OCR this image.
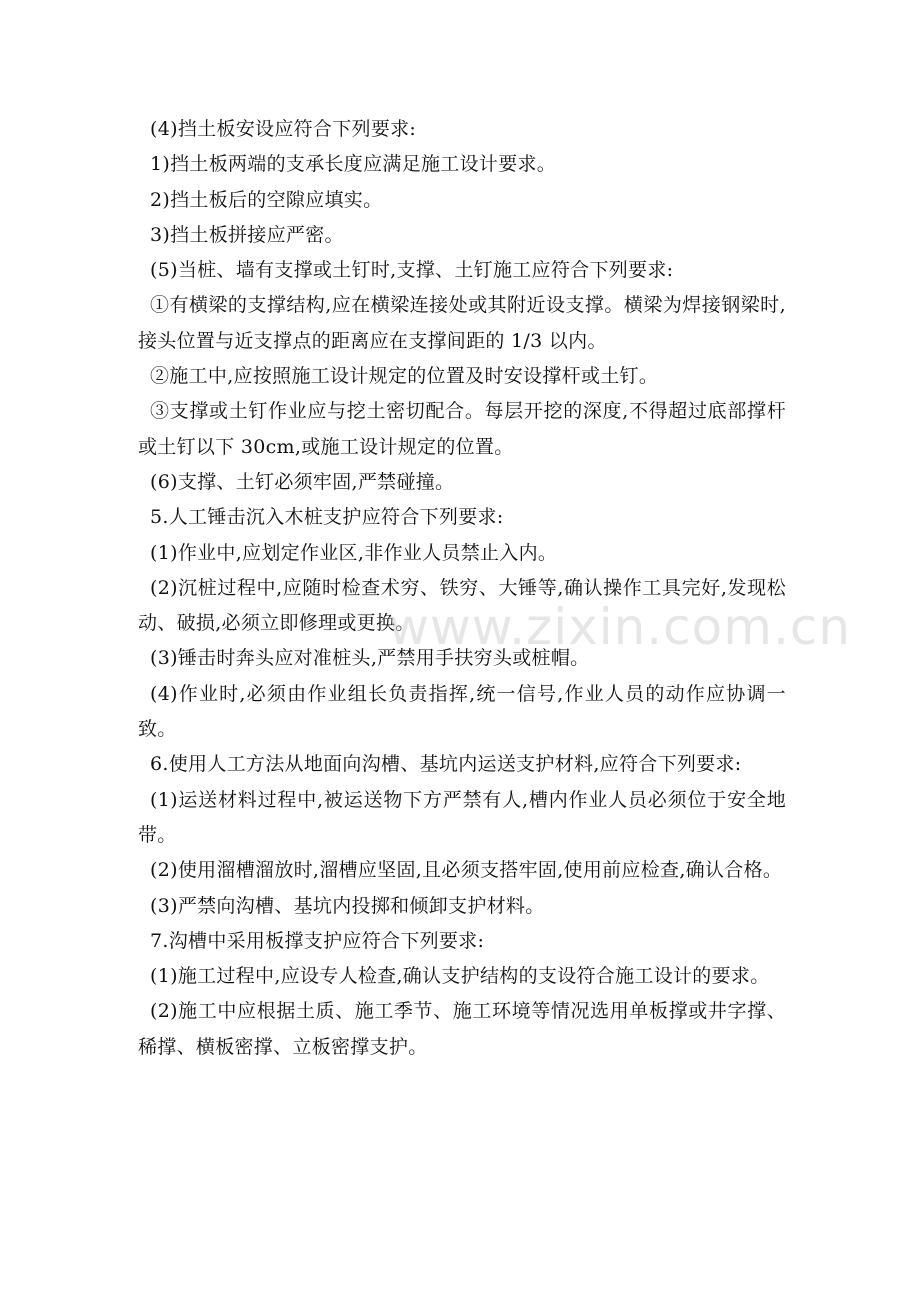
(4)挡土板安设应符合下列要求:

1)挡土板两端的支承长度应满足施工设计要求。

2)挡土板后的空隙应填实。

3)挡土板拼接应严密。

(5)当桩、墙有支撑或土钉时,支撑、土钉施工应符合下列要求:

①有横梁的支撑结构,应在横梁连接处或其附近设支撑。横梁为焊接钢梁时,接头位置与近支撑点的距离应在支撑间距的 1/3 以内。

②施工中,应按照施工设计规定的位置及时安设撑杆或土钉。

③支撑或土钉作业应与挖土密切配合。每层开挖的深度,不得超过底部撑杆或土钉以下 30cm,或施工设计规定的位置。

(6)支撑、土钉必须牢固,严禁碰撞。

5.人工锤击沉入木桩支护应符合下列要求:

(1)作业中,应划定作业区,非作业人员禁止入内。

(2)沉桩过程中,应随时检查术穷、铁穷、大锤等,确认操作工具完好,发现松动、破损,必须立即修理或更换。

(3)锤击时奔头应对准桩头,严禁用手扶穷头或桩帽。

(4)作业时,必须由作业组长负责指挥,统一信号,作业人员的动作应协调一致。

6.使用人工方法从地面向沟槽、基坑内运送支护材料,应符合下列要求:

(1)运送材料过程中,被运送物下方严禁有人,槽内作业人员必须位于安全地带。

(2)使用溜槽溜放时,溜槽应坚固,且必须支搭牢固,使用前应检查,确认合格。

(3)严禁向沟槽、基坑内投掷和倾卸支护材料。

7.沟槽中采用板撑支护应符合下列要求:

(1)施工过程中,应设专人检查,确认支护结构的支设符合施工设计的要求。

(2)施工中应根据土质、施工季节、施工环境等情况选用单板撑或井字撑、稀撑、横板密撑、立板密撑支护。

www.zixin.com.cn
